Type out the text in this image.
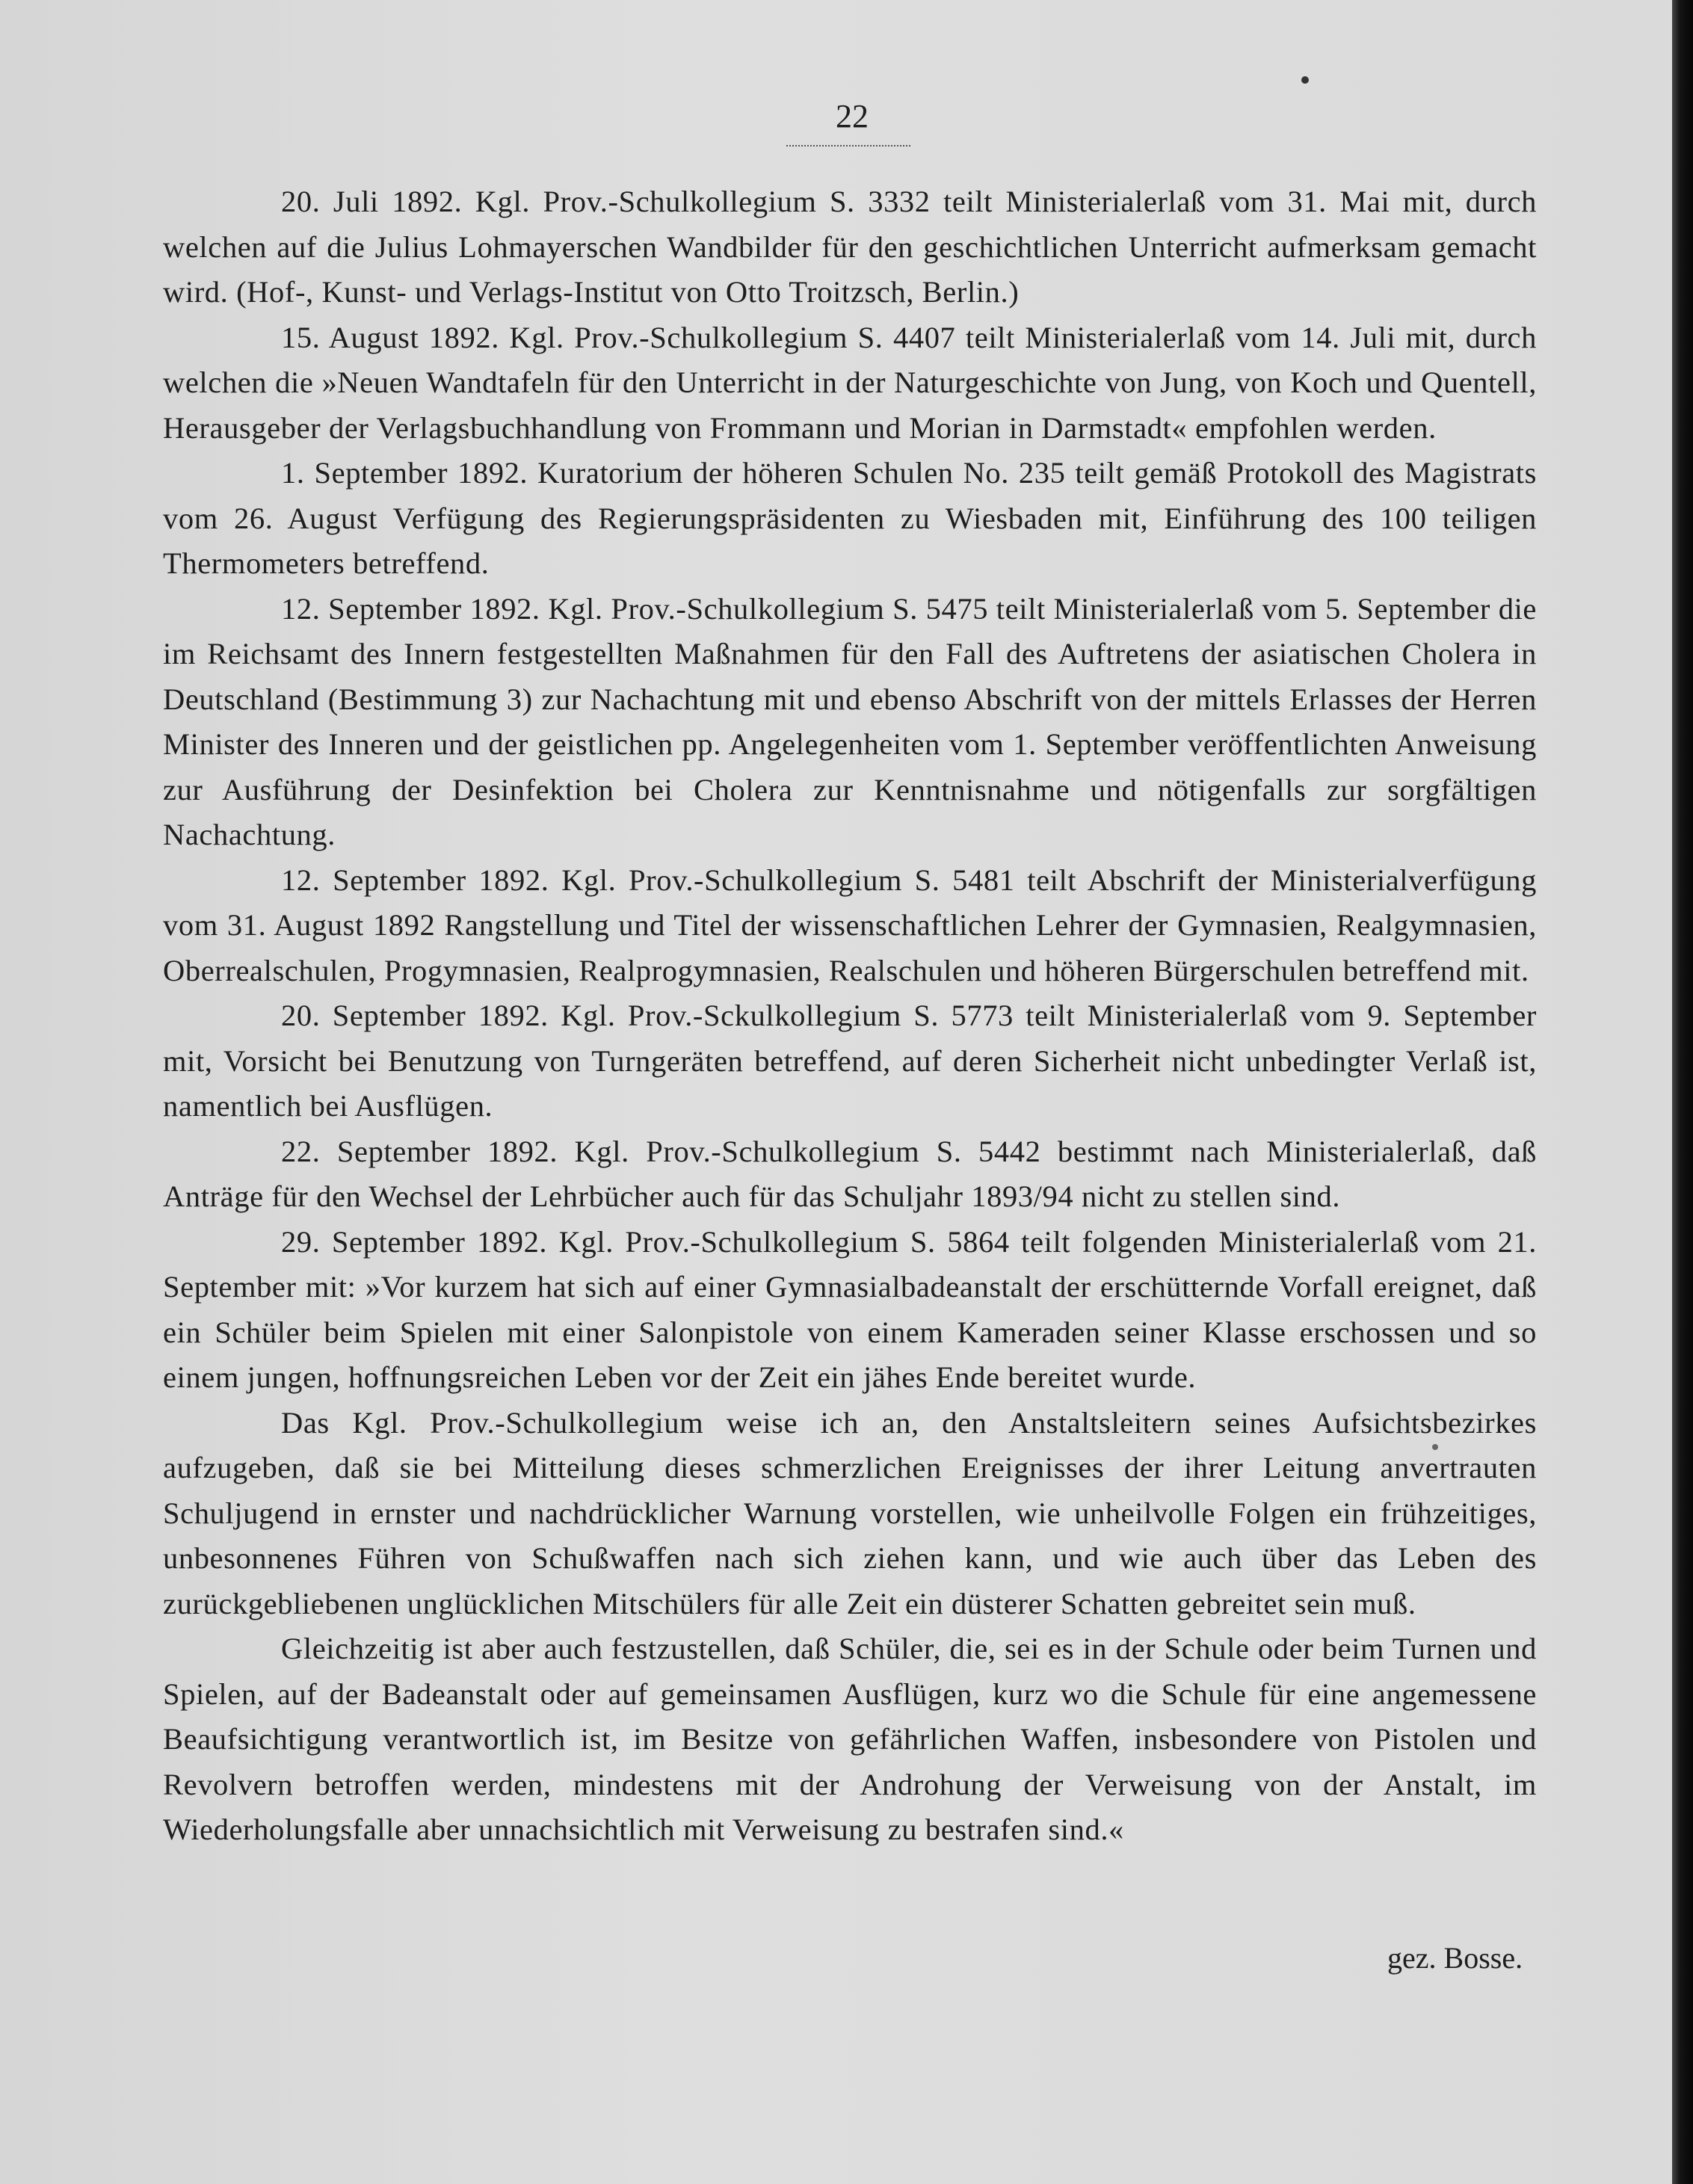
22

20. Juli 1892. Kgl. Prov.-Schulkollegium S. 3332 teilt Ministerialerlaß vom 31. Mai mit, durch welchen auf die Julius Lohmayerschen Wandbilder für den geschichtlichen Unterricht aufmerksam gemacht wird. (Hof-, Kunst- und Verlags-Institut von Otto Troitzsch, Berlin.)

15. August 1892. Kgl. Prov.-Schulkollegium S. 4407 teilt Ministerialerlaß vom 14. Juli mit, durch welchen die »Neuen Wandtafeln für den Unterricht in der Naturgeschichte von Jung, von Koch und Quentell, Herausgeber der Verlagsbuchhandlung von Frommann und Morian in Darmstadt« empfohlen werden.

1. September 1892. Kuratorium der höheren Schulen No. 235 teilt gemäß Protokoll des Magistrats vom 26. August Verfügung des Regierungspräsidenten zu Wiesbaden mit, Einführung des 100 teiligen Thermometers betreffend.

12. September 1892. Kgl. Prov.-Schulkollegium S. 5475 teilt Ministerialerlaß vom 5. September die im Reichsamt des Innern festgestellten Maßnahmen für den Fall des Auftretens der asiatischen Cholera in Deutschland (Bestimmung 3) zur Nachachtung mit und ebenso Abschrift von der mittels Erlasses der Herren Minister des Inneren und der geistlichen pp. Angelegenheiten vom 1. September veröffentlichten Anweisung zur Ausführung der Desinfektion bei Cholera zur Kenntnisnahme und nötigenfalls zur sorgfältigen Nachachtung.

12. September 1892. Kgl. Prov.-Schulkollegium S. 5481 teilt Abschrift der Ministerialverfügung vom 31. August 1892 Rangstellung und Titel der wissenschaftlichen Lehrer der Gymnasien, Realgymnasien, Oberrealschulen, Progymnasien, Realprogymnasien, Realschulen und höheren Bürgerschulen betreffend mit.

20. September 1892. Kgl. Prov.-Sckulkollegium S. 5773 teilt Ministerialerlaß vom 9. September mit, Vorsicht bei Benutzung von Turngeräten betreffend, auf deren Sicherheit nicht unbedingter Verlaß ist, namentlich bei Ausflügen.

22. September 1892. Kgl. Prov.-Schulkollegium S. 5442 bestimmt nach Ministerialerlaß, daß Anträge für den Wechsel der Lehrbücher auch für das Schuljahr 1893/94 nicht zu stellen sind.

29. September 1892. Kgl. Prov.-Schulkollegium S. 5864 teilt folgenden Ministerialerlaß vom 21. September mit: »Vor kurzem hat sich auf einer Gymnasialbadeanstalt der erschütternde Vorfall ereignet, daß ein Schüler beim Spielen mit einer Salonpistole von einem Kameraden seiner Klasse erschossen und so einem jungen, hoffnungsreichen Leben vor der Zeit ein jähes Ende bereitet wurde.

Das Kgl. Prov.-Schulkollegium weise ich an, den Anstaltsleitern seines Aufsichtsbezirkes aufzugeben, daß sie bei Mitteilung dieses schmerzlichen Ereignisses der ihrer Leitung anvertrauten Schuljugend in ernster und nachdrücklicher Warnung vorstellen, wie unheilvolle Folgen ein frühzeitiges, unbesonnenes Führen von Schußwaffen nach sich ziehen kann, und wie auch über das Leben des zurückgebliebenen unglücklichen Mitschülers für alle Zeit ein düsterer Schatten gebreitet sein muß.

Gleichzeitig ist aber auch festzustellen, daß Schüler, die, sei es in der Schule oder beim Turnen und Spielen, auf der Badeanstalt oder auf gemeinsamen Ausflügen, kurz wo die Schule für eine angemessene Beaufsichtigung verantwortlich ist, im Besitze von gefährlichen Waffen, insbesondere von Pistolen und Revolvern betroffen werden, mindestens mit der Androhung der Verweisung von der Anstalt, im Wiederholungsfalle aber unnachsichtlich mit Verweisung zu bestrafen sind.«

gez. Bosse.
